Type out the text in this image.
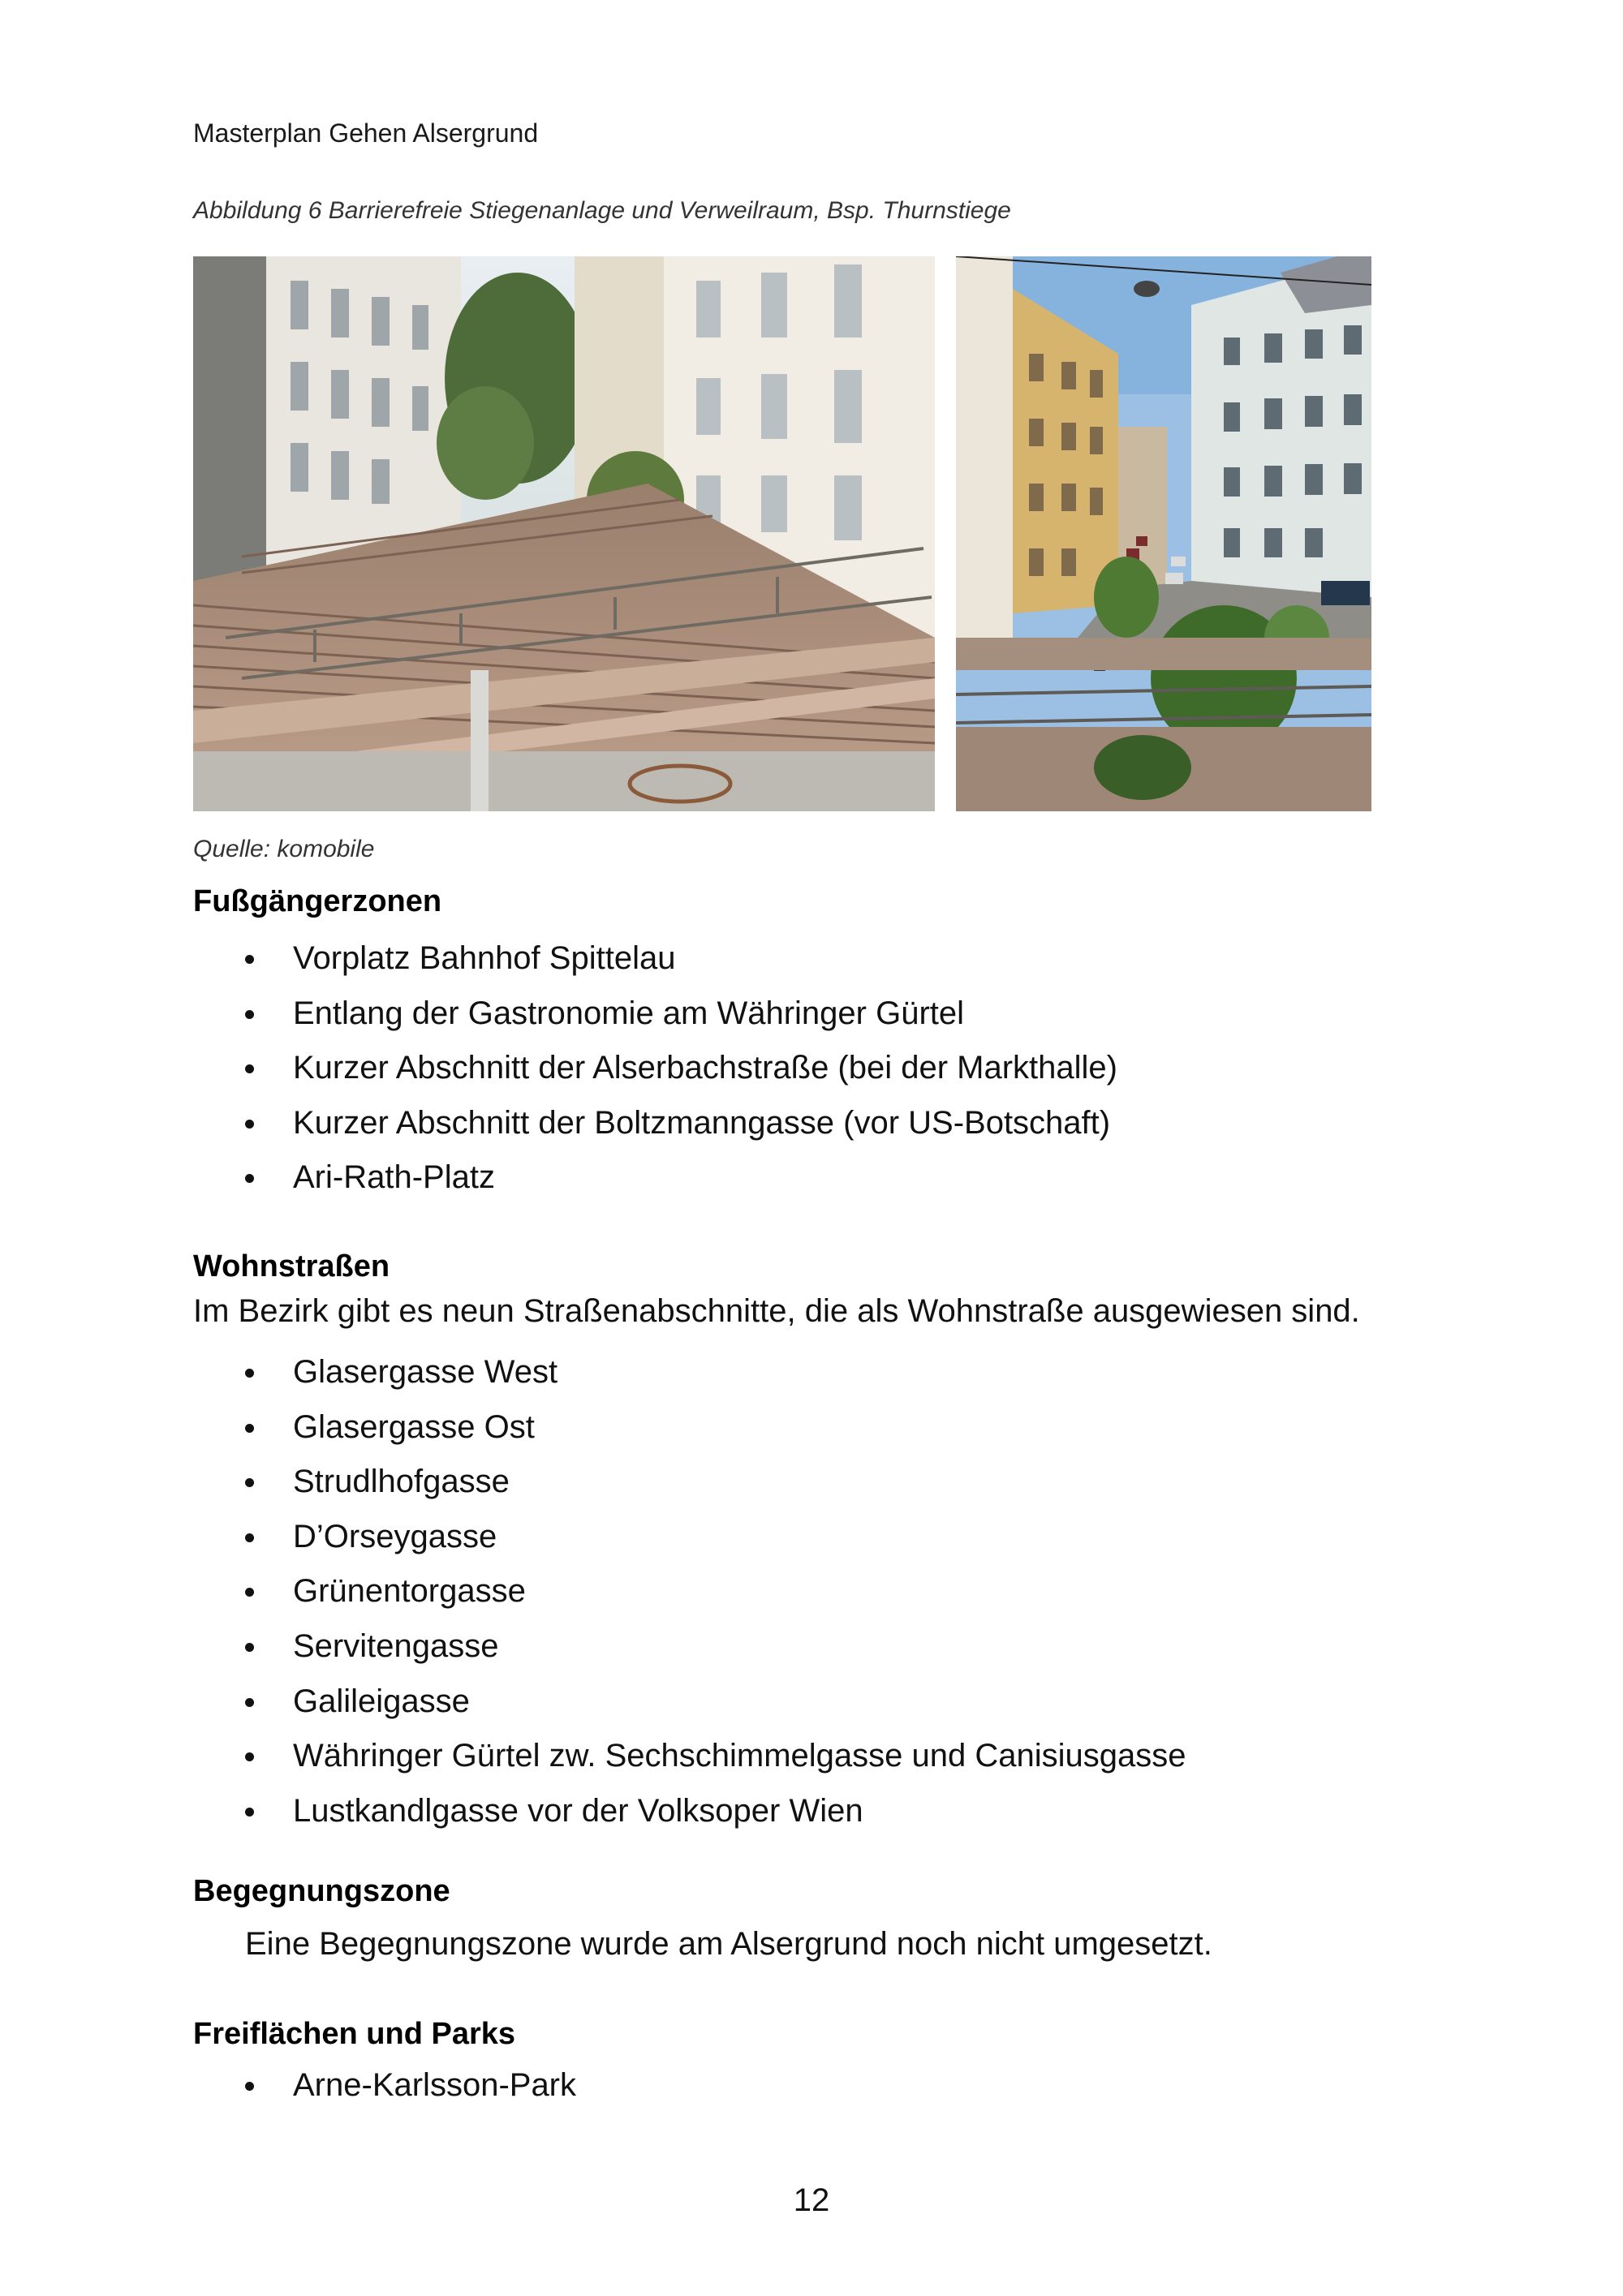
Masterplan Gehen Alsergrund
Abbildung 6 Barrierefreie Stiegenanlage und Verweilraum, Bsp. Thurnstiege
Quelle: komobile
Fußgängerzonen
Vorplatz Bahnhof Spittelau
Entlang der Gastronomie am Währinger Gürtel
Kurzer Abschnitt der Alserbachstraße (bei der Markthalle)
Kurzer Abschnitt der Boltzmanngasse (vor US-Botschaft)
Ari-Rath-Platz
Wohnstraßen
Im Bezirk gibt es neun Straßenabschnitte, die als Wohnstraße ausgewiesen sind.
Glasergasse West
Glasergasse Ost
Strudlhofgasse
D’Orseygasse
Grünentorgasse
Servitengasse
Galileigasse
Währinger Gürtel zw. Sechschimmelgasse und Canisiusgasse
Lustkandlgasse vor der Volksoper Wien
Begegnungszone
Eine Begegnungszone wurde am Alsergrund noch nicht umgesetzt.
Freiflächen und Parks
Arne-Karlsson-Park
12
